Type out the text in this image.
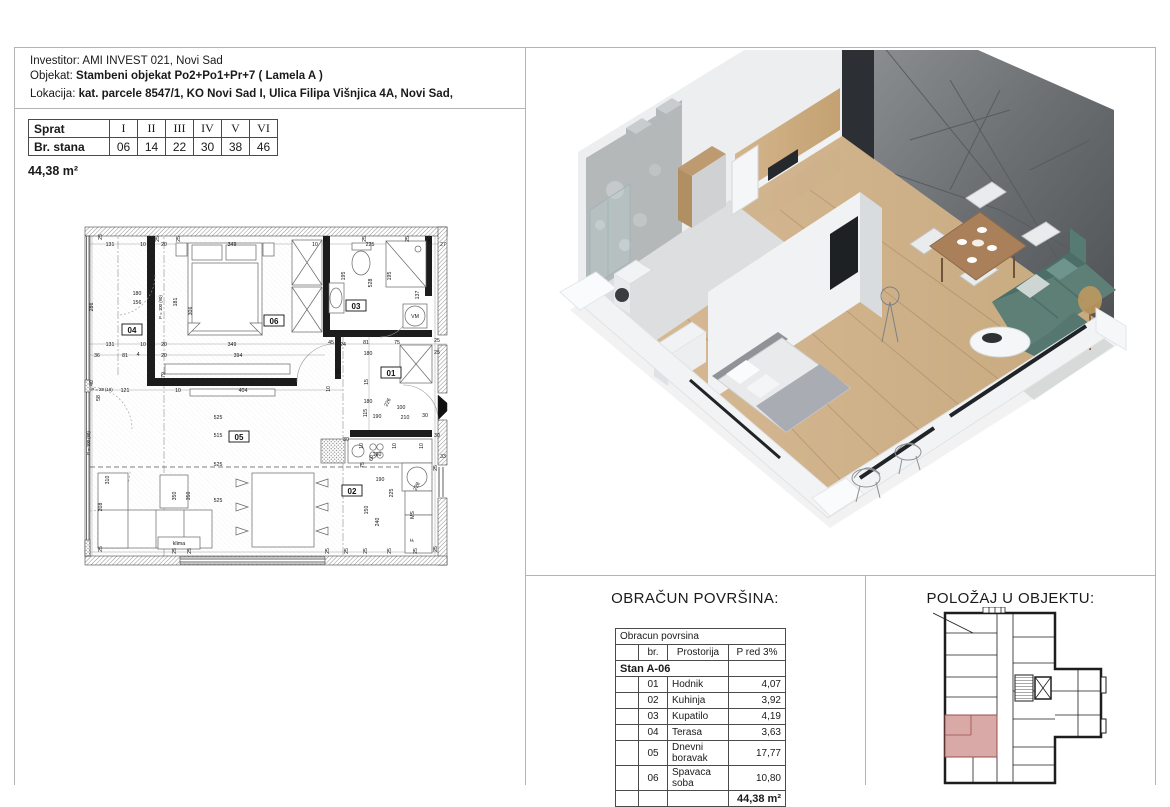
Investitor: AMI INVEST 021, Novi Sad
Objekat: Stambeni objekat Po2+Po1+Pr+7 ( Lamela A )
Lokacija: kat. parcele 8547/1, KO Novi Sad I, Ulica Filipa Višnjica 4A, Novi Sad,
Sprat	I	II	III	IV	V	VI
Br. stana	06	14	22	30	38	46
44,38 m²
131	10	20	349	10	225	27
25	25	25	25	25	25	25
131	10	20	349	45 24	81	75	25
36	81 4	20	394	180	25
286
40
58
310
208
P = 100 (90)
P = 100 (90)
180
156
79
91
115
15
150
240
190
100
210 30
226
228
181
306
528
195	195
137
P = 28 (18) 121	10	404	10
525
515
525
525
350 350
30
160
10	10	10
33
60
75
190
225
180
VM
MS
F
klima
25	25 25	25	25	25	25	25	25
25
30
04
06
03
01
05
02
OBRAČUN POVRŠINA:
Obracun povrsina			
	br.	Prostorija	P red 3%
Stan A-06			
	01	Hodnik	4,07
	02	Kuhinja	3,92
	03	Kupatilo	4,19
	04	Terasa	3,63
	05	Dnevni boravak	17,77
	06	Spavaca soba	10,80
			44,38 m²
POLOŽAJ U OBJEKTU:
